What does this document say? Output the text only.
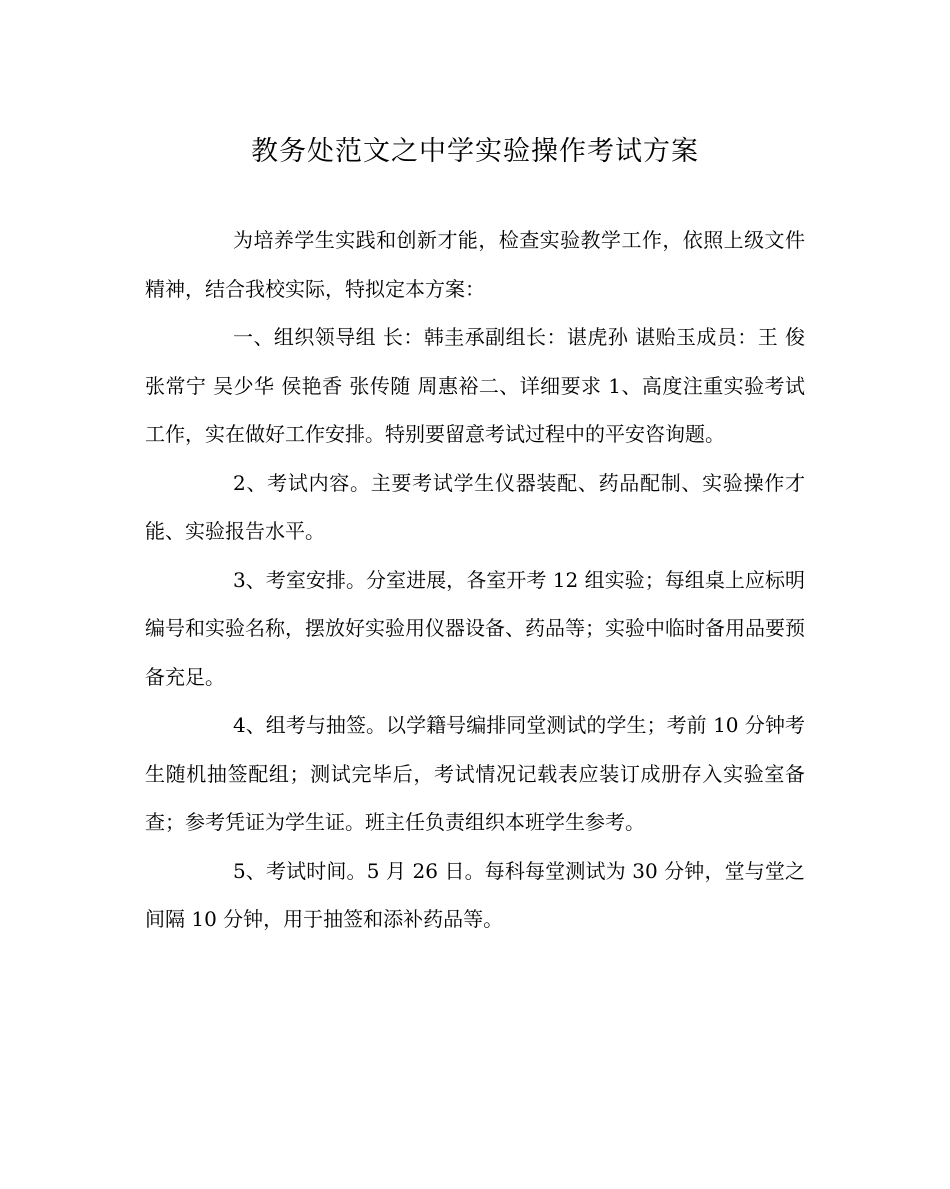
教务处范文之中学实验操作考试方案

为培养学生实践和创新才能，检查实验教学工作，依照上级文件精神，结合我校实际，特拟定本方案：

一、组织领导组 长：韩圭承副组长：谌虎孙 谌贻玉成员：王 俊 张常宁 吴少华 侯艳香 张传随 周惠裕二、详细要求 1、高度注重实验考试工作，实在做好工作安排。特别要留意考试过程中的平安咨询题。

2、考试内容。主要考试学生仪器装配、药品配制、实验操作才能、实验报告水平。

3、考室安排。分室进展，各室开考 12 组实验；每组桌上应标明编号和实验名称，摆放好实验用仪器设备、药品等；实验中临时备用品要预备充足。

4、组考与抽签。以学籍号编排同堂测试的学生；考前 10 分钟考生随机抽签配组；测试完毕后，考试情况记载表应装订成册存入实验室备查；参考凭证为学生证。班主任负责组织本班学生参考。

5、考试时间。5 月 26 日。每科每堂测试为 30 分钟，堂与堂之间隔 10 分钟，用于抽签和添补药品等。
